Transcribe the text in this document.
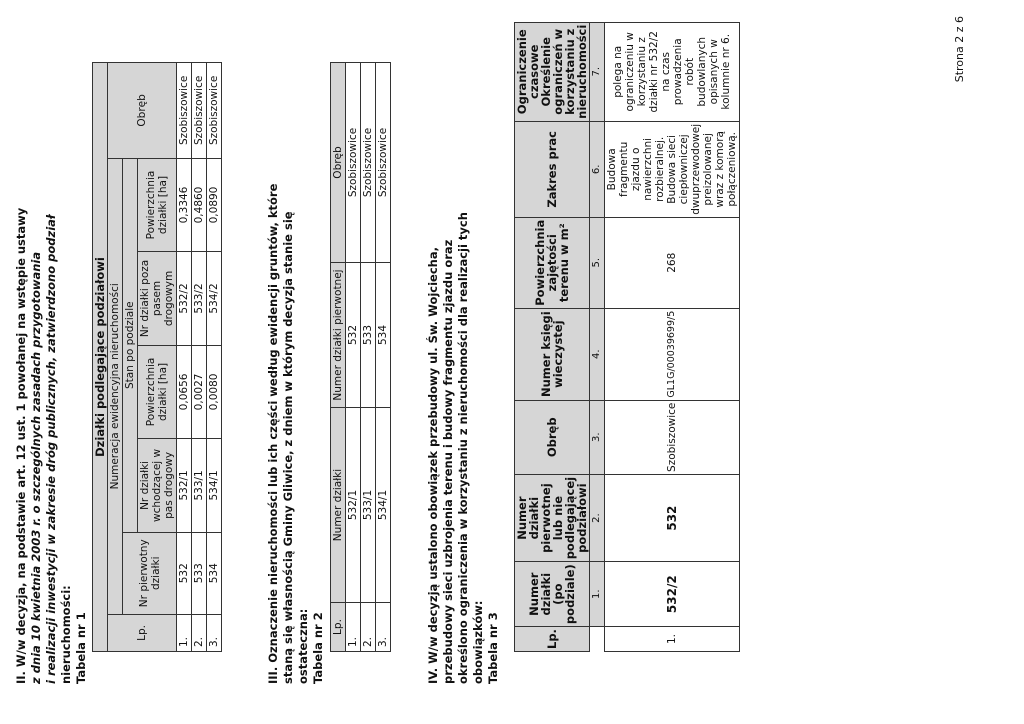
II. W/w decyzja, na podstawie art. 12 ust. 1 powołanej na wstępie ustawy z dnia 10 kwietnia 2003 r. o szczególnych zasadach przygotowania i realizacji inwestycji w zakresie dróg publicznych, zatwierdzono podział nieruchomości: Tabela nr 1

Działki podlegające podziałowi						
Lp.	Numeracja ewidencyjna nieruchomości					Obręb
	Nr pierwotny działki	Stan po podziale				
		Nr działki wchodzącej w pas drogowy	Powierzchnia działki [ha]	Nr działki poza pasem drogowym	Powierzchnia działki [ha]	
1.	532	532/1	0,0656	532/2	0,3346	Szobiszowice
2.	533	533/1	0,0027	533/2	0,4860	Szobiszowice
3.	534	534/1	0,0080	534/2	0,0890	Szobiszowice

III. Oznaczenie nieruchomości lub ich części według ewidencji gruntów, które staną się własnością Gminy Gliwice, z dniem w którym decyzja stanie się ostateczna: Tabela nr 2 Lp.	Numer działki	Numer działki pierwotnej	Obręb
1.	532/1	532	Szobiszowice
2.	533/1	533	Szobiszowice
3.	534/1	534	Szobiszowice

IV. W/w decyzją ustalono obowiązek przebudowy ul. Św. Wojciecha, przebudowy sieci uzbrojenia terenu i budowy fragmentu zjazdu oraz określono ograniczenia w korzystaniu z nieruchomości dla realizacji tych obowiązków: Tabela nr 3	Lp.	Numer działki (po podziale)	Numer działki pierwotnej lub nie podlegającej podziałowi	Obręb	Numer księgi wieczystej	Powierzchnia zajętości terenu w m²	Zakres prac	Ograniczenie czasowe
Określenie ograniczeń w korzystaniu z nieruchomości
	1.	2.	3.	4.	5.	6.	7.
1.	532/2	532	Szobiszowice	GL1G/00039699/5	268	Budowa fragmentu zjazdu o nawierzchni rozbieralnej. Budowa sieci ciepłowniczej dwuprzewodowej preizolowanej wraz z komorą połączeniową.	polega na ograniczeniu w korzystaniu z działki nr 532/2 na czas prowadzenia robót budowlanych opisanych w kolumnie nr 6.	Strona 2 z 6
